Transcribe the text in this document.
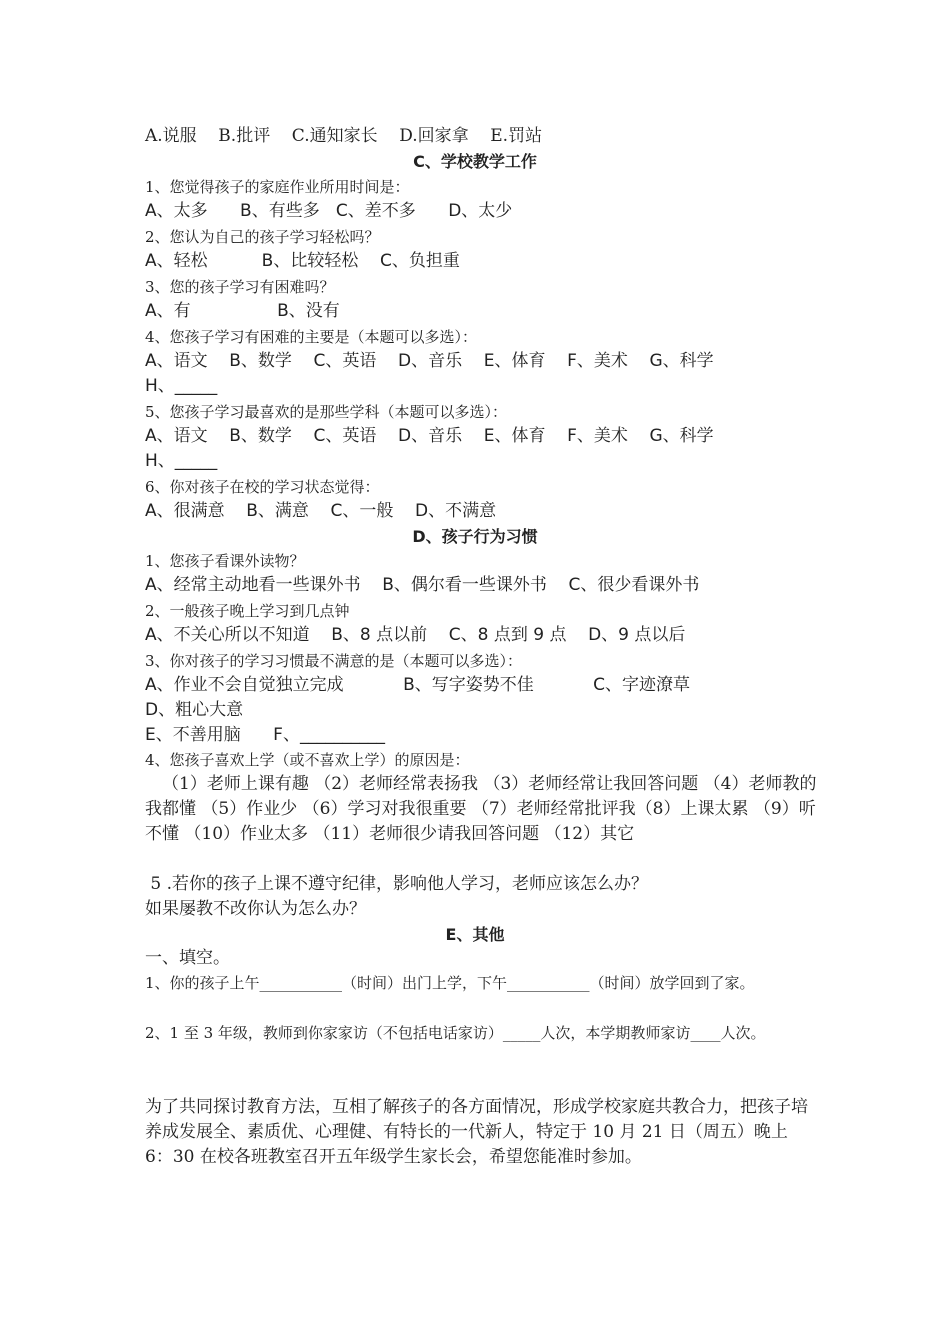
A.说服    B.批评    C.通知家长    D.回家拿    E.罚站
C、学校教学工作
1、您觉得孩子的家庭作业所用时间是：
A、太多      B、有些多   C、差不多      D、太少
2、您认为自己的孩子学习轻松吗？
A、轻松          B、比较轻松    C、负担重
3、您的孩子学习有困难吗？
A、有                B、没有
4、您孩子学习有困难的主要是（本题可以多选）：
A、语文    B、数学    C、英语    D、音乐    E、体育    F、美术    G、科学
H、_____
5、您孩子学习最喜欢的是那些学科（本题可以多选）：
A、语文    B、数学    C、英语    D、音乐    E、体育    F、美术    G、科学
H、_____
6、你对孩子在校的学习状态觉得：
A、很满意    B、满意    C、一般    D、不满意
D、孩子行为习惯
1、您孩子看课外读物？
A、经常主动地看一些课外书    B、偶尔看一些课外书    C、很少看课外书
2、一般孩子晚上学习到几点钟
A、不关心所以不知道    B、8 点以前    C、8 点到 9 点    D、9 点以后
3、你对孩子的学习习惯最不满意的是（本题可以多选）：
A、作业不会自觉独立完成           B、写字姿势不佳           C、字迹潦草
D、粗心大意
E、不善用脑      F、__________
4、您孩子喜欢上学（或不喜欢上学）的原因是：
（1）老师上课有趣 （2）老师经常表扬我 （3）老师经常让我回答问题 （4）老师教的我都懂 （5）作业少 （6）学习对我很重要 （7）老师经常批评我（8）上课太累 （9）听不懂 （10）作业太多 （11）老师很少请我回答问题 （12）其它
5 .若你的孩子上课不遵守纪律，影响他人学习，老师应该怎么办？
如果屡教不改你认为怎么办？
E、其他
一、填空。
1、你的孩子上午___________（时间）出门上学，下午___________（时间）放学回到了家。
2、1 至 3 年级，教师到你家家访（不包括电话家访）_____人次，本学期教师家访____人次。
为了共同探讨教育方法，互相了解孩子的各方面情况，形成学校家庭共教合力，把孩子培养成发展全、素质优、心理健、有特长的一代新人，特定于 10 月 21 日（周五）晚上 6：30 在校各班教室召开五年级学生家长会，希望您能准时参加。
